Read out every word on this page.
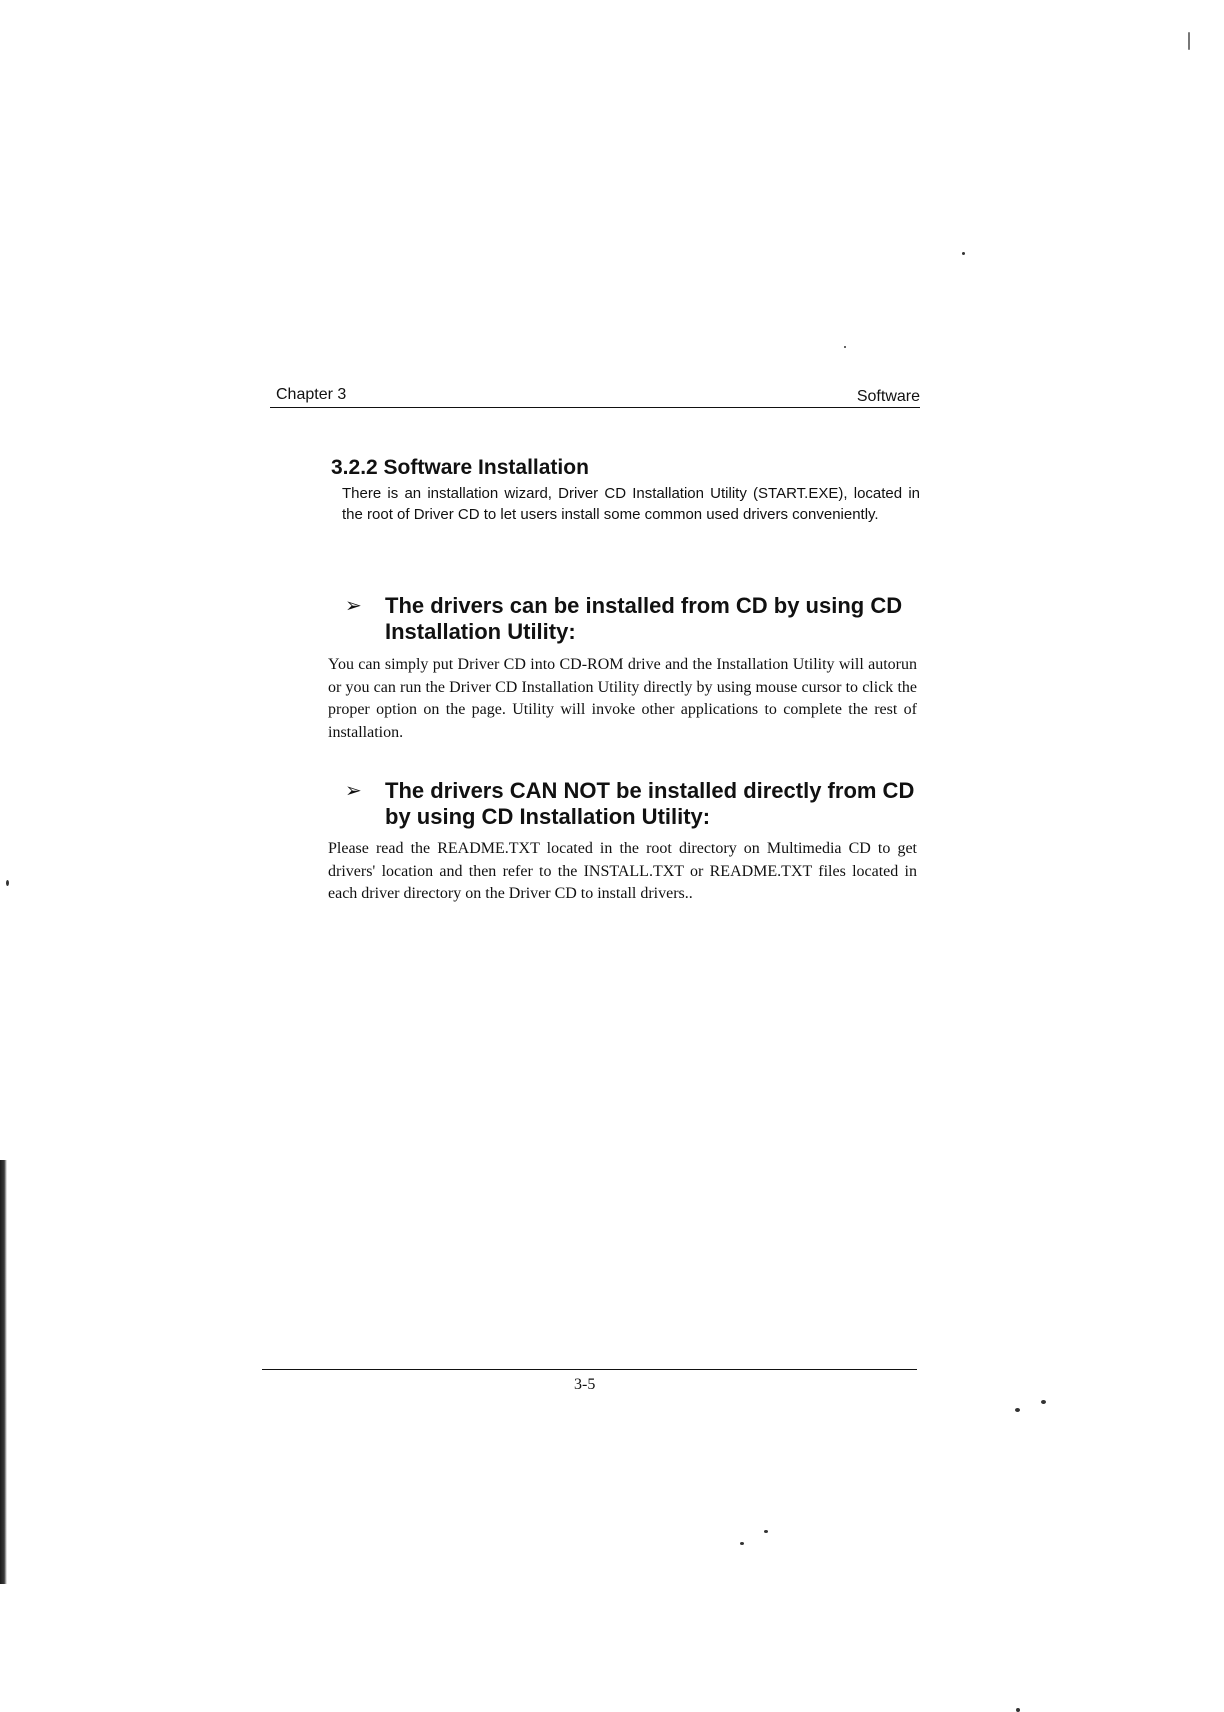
Chapter 3	Software
3.2.2 Software Installation

There is an installation wizard, Driver CD Installation Utility (START.EXE), located in the root of Driver CD to let users install some common used drivers conveniently.

➢ The drivers can be installed from CD by using CD Installation Utility:

You can simply put Driver CD into CD-ROM drive and the Installation Utility will autorun or you can run the Driver CD Installation Utility directly by using mouse cursor to click the proper option on the page. Utility will invoke other applications to complete the rest of installation.

➢ The drivers CAN NOT be installed directly from CD by using CD Installation Utility:

Please read the README.TXT located in the root directory on Multimedia CD to get drivers' location and then refer to the INSTALL.TXT or README.TXT files located in each driver directory on the Driver CD to install drivers..

3-5
